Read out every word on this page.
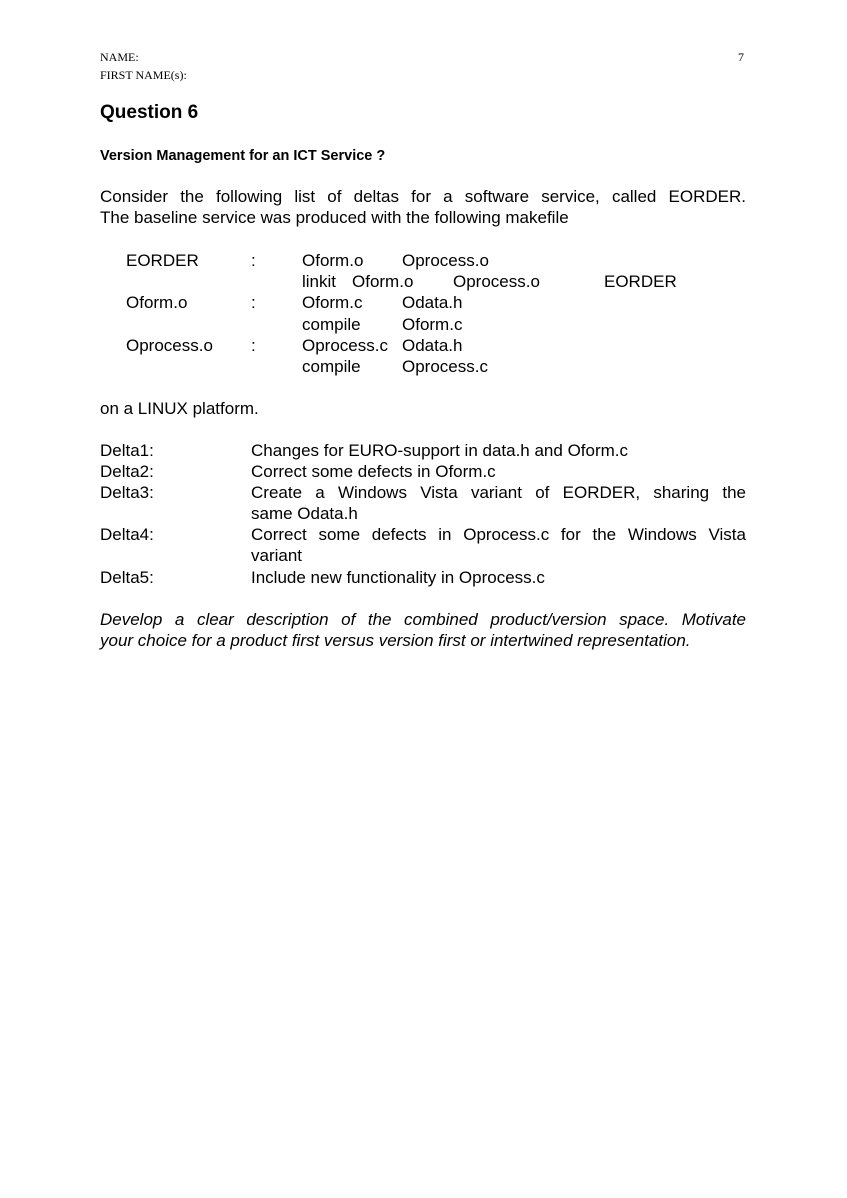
NAME:
FIRST NAME(s):
7
Question 6
Version Management for an ICT Service ?

Consider the following list of deltas for a software service, called EORDER.

The baseline service was produced with the following makefile

EORDER	:	Oform.o Oprocess.o
linkit Oform.o Oprocess.o	EORDER
Oform.o	:	Oform.c Odata.h
compile Oform.c
Oprocess.o :	Oprocess.c Odata.h
compile Oprocess.c
on a LINUX platform.
Delta1:	Changes for EURO-support in data.h and Oform.c
Delta2:	Correct some defects in Oform.c
Delta3:	Create a Windows Vista variant of EORDER, sharing the
same Odata.h
Delta4:	Correct some defects in Oprocess.c for the Windows Vista
variant
Delta5:	Include new functionality in Oprocess.c
Develop a clear description of the combined product/version space. Motivate
your choice for a product first versus version first or intertwined representation.
